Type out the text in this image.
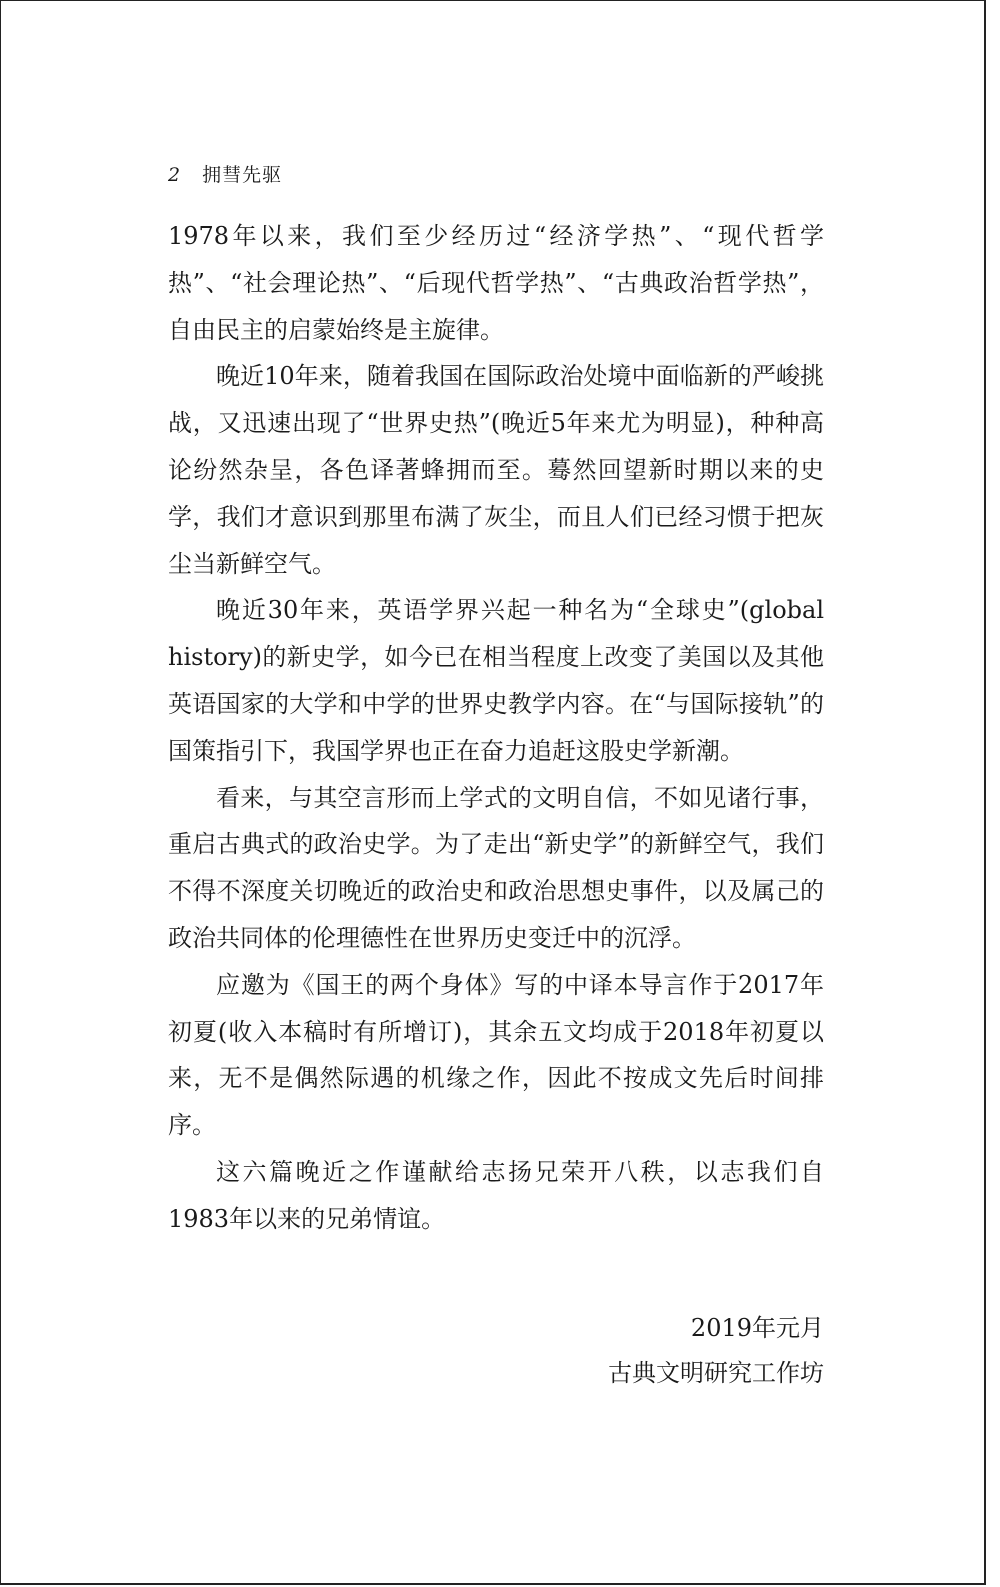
2 拥彗先驱

1978年以来，我们至少经历过“经济学热”、“现代哲学热”、“社会理论热”、“后现代哲学热”、“古典政治哲学热”，自由民主的启蒙始终是主旋律。

晚近10年来，随着我国在国际政治处境中面临新的严峻挑战，又迅速出现了“世界史热”(晚近5年来尤为明显)，种种高论纷然杂呈，各色译著蜂拥而至。蓦然回望新时期以来的史学，我们才意识到那里布满了灰尘，而且人们已经习惯于把灰尘当新鲜空气。

晚近30年来，英语学界兴起一种名为“全球史”(global history)的新史学，如今已在相当程度上改变了美国以及其他英语国家的大学和中学的世界史教学内容。在“与国际接轨”的国策指引下，我国学界也正在奋力追赶这股史学新潮。

看来，与其空言形而上学式的文明自信，不如见诸行事，重启古典式的政治史学。为了走出“新史学”的新鲜空气，我们不得不深度关切晚近的政治史和政治思想史事件，以及属己的政治共同体的伦理德性在世界历史变迁中的沉浮。

应邀为《国王的两个身体》写的中译本导言作于2017年初夏(收入本稿时有所增订)，其余五文均成于2018年初夏以来，无不是偶然际遇的机缘之作，因此不按成文先后时间排序。

这六篇晚近之作谨献给志扬兄荣开八秩，以志我们自1983年以来的兄弟情谊。

2019年元月
古典文明研究工作坊
